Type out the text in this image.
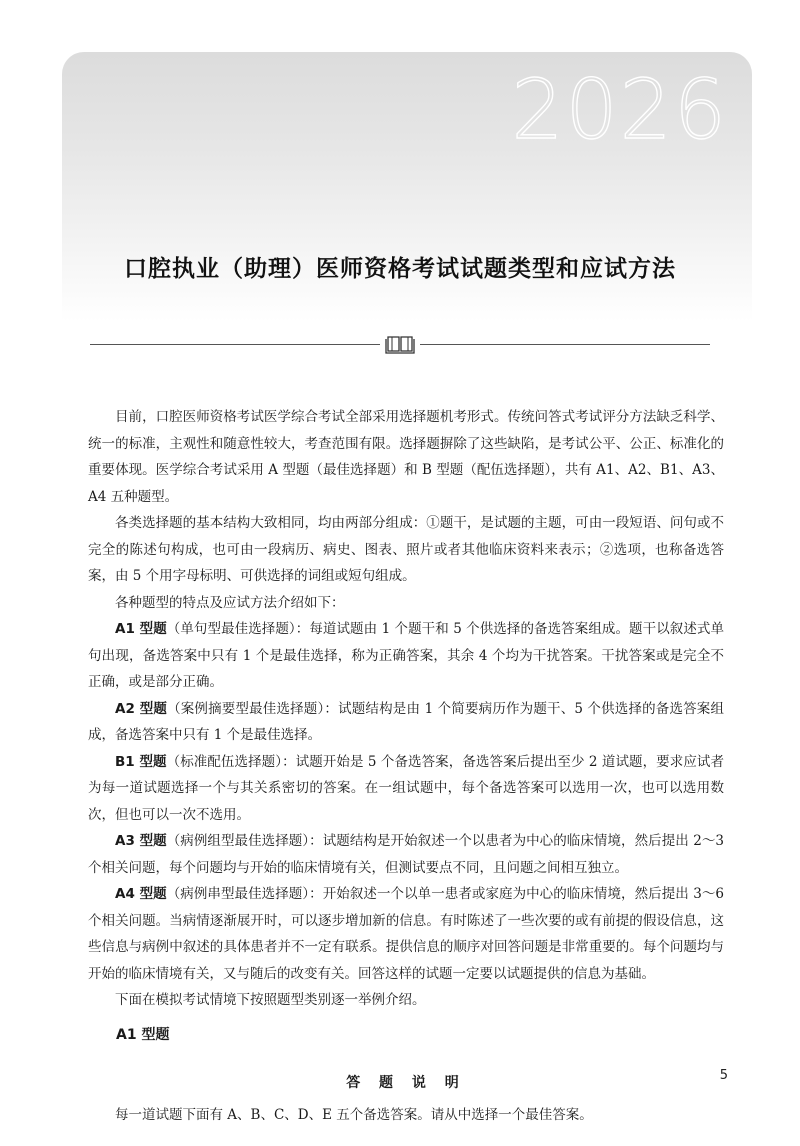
2026
口腔执业（助理）医师资格考试试题类型和应试方法

目前，口腔医师资格考试医学综合考试全部采用选择题机考形式。传统问答式考试评分方法缺乏科学、统一的标准，主观性和随意性较大，考查范围有限。选择题摒除了这些缺陷，是考试公平、公正、标准化的重要体现。医学综合考试采用 A 型题（最佳选择题）和 B 型题（配伍选择题），共有 A1、A2、B1、A3、A4 五种题型。

各类选择题的基本结构大致相同，均由两部分组成：①题干，是试题的主题，可由一段短语、问句或不完全的陈述句构成，也可由一段病历、病史、图表、照片或者其他临床资料来表示；②选项，也称备选答案，由 5 个用字母标明、可供选择的词组或短句组成。

各种题型的特点及应试方法介绍如下：

A1 型题（单句型最佳选择题）：每道试题由 1 个题干和 5 个供选择的备选答案组成。题干以叙述式单句出现，备选答案中只有 1 个是最佳选择，称为正确答案，其余 4 个均为干扰答案。干扰答案或是完全不正确，或是部分正确。

A2 型题（案例摘要型最佳选择题）：试题结构是由 1 个简要病历作为题干、5 个供选择的备选答案组成，备选答案中只有 1 个是最佳选择。

B1 型题（标准配伍选择题）：试题开始是 5 个备选答案，备选答案后提出至少 2 道试题，要求应试者为每一道试题选择一个与其关系密切的答案。在一组试题中，每个备选答案可以选用一次，也可以选用数次，但也可以一次不选用。

A3 型题（病例组型最佳选择题）：试题结构是开始叙述一个以患者为中心的临床情境，然后提出 2～3 个相关问题，每个问题均与开始的临床情境有关，但测试要点不同，且问题之间相互独立。

A4 型题（病例串型最佳选择题）：开始叙述一个以单一患者或家庭为中心的临床情境，然后提出 3～6 个相关问题。当病情逐渐展开时，可以逐步增加新的信息。有时陈述了一些次要的或有前提的假设信息，这些信息与病例中叙述的具体患者并不一定有联系。提供信息的顺序对回答问题是非常重要的。每个问题均与开始的临床情境有关，又与随后的改变有关。回答这样的试题一定要以试题提供的信息为基础。

下面在模拟考试情境下按照题型类别逐一举例介绍。

A1 型题
答 题 说 明

每一道试题下面有 A、B、C、D、E 五个备选答案。请从中选择一个最佳答案。

5
